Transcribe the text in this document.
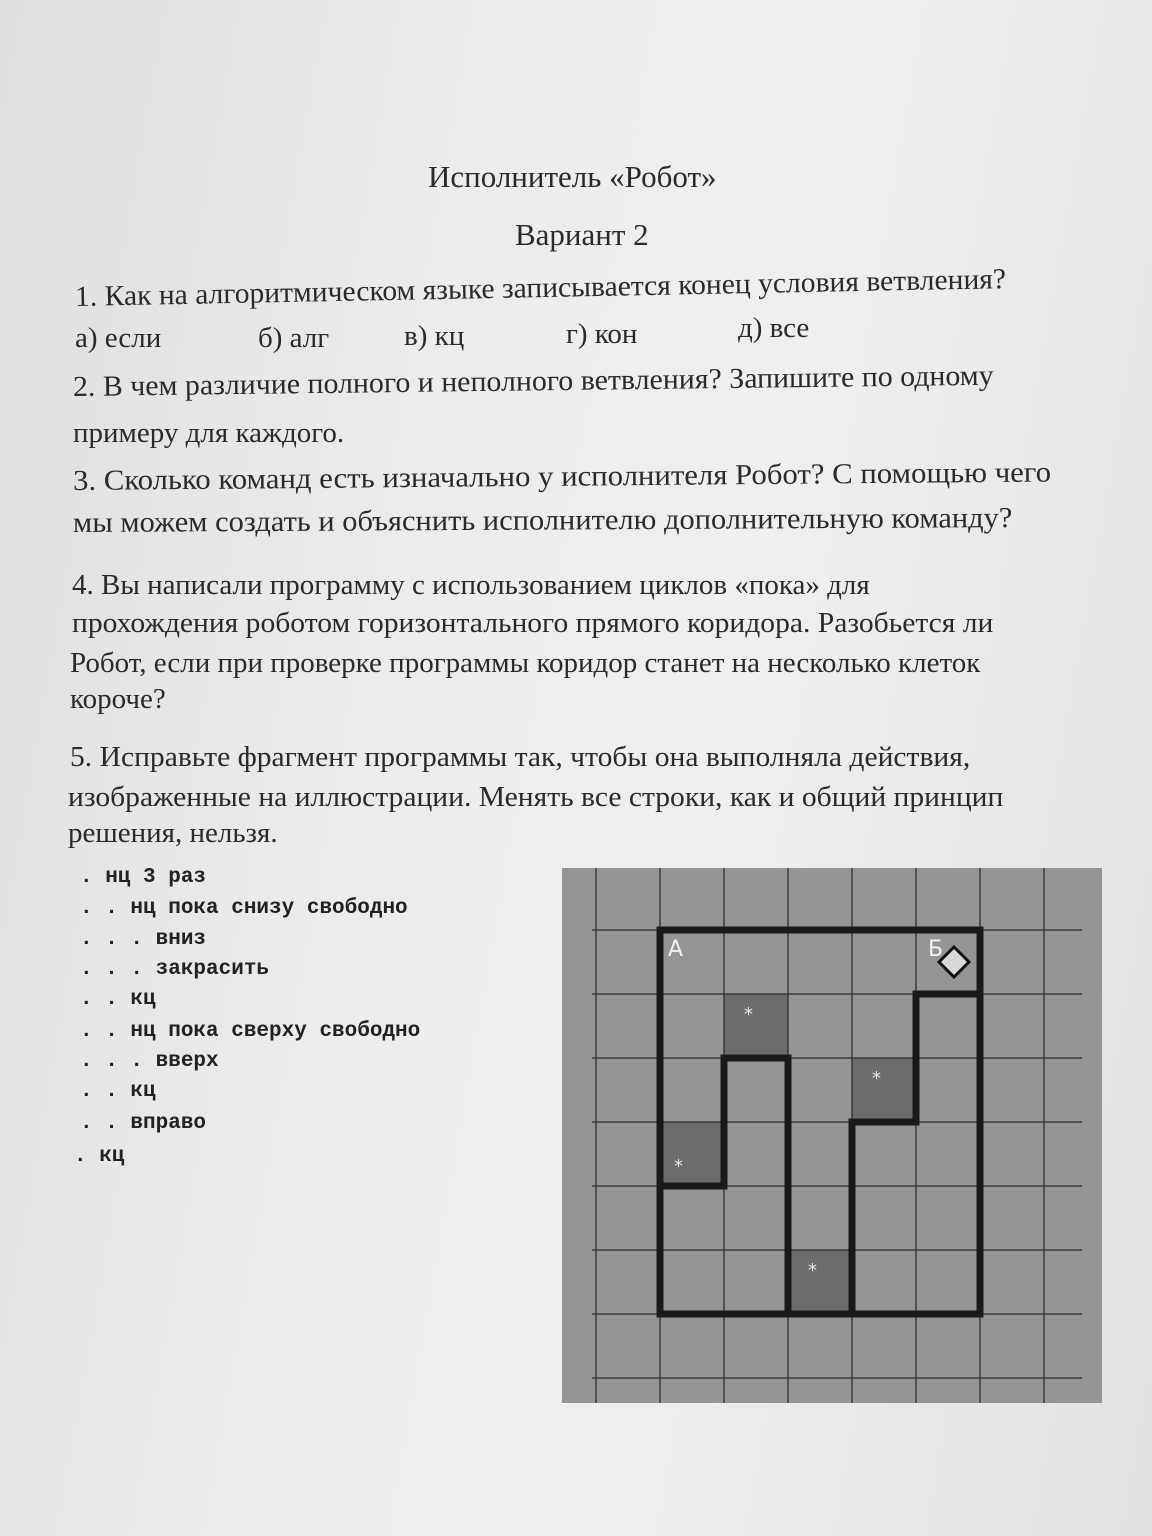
Исполнитель «Робот»
Вариант 2
1. Как на алгоритмическом языке записывается конец условия ветвления?
а) если	б) алг	в) кц	г) кон	д) все
2. В чем различие полного и неполного ветвления? Запишите по одному
примеру для каждого.
3. Сколько команд есть изначально у исполнителя Робот? С помощью чего
мы можем создать и объяснить исполнителю дополнительную команду?
4. Вы написали программу с использованием циклов «пока» для
прохождения роботом горизонтального прямого коридора. Разобьется ли
Робот, если при проверке программы коридор станет на несколько клеток
короче?
5. Исправьте фрагмент программы так, чтобы она выполняла действия,
изображенные на иллюстрации. Менять все строки, как и общий принцип
решения, нельзя.
. нц 3 раз
. . нц пока снизу свободно
. . . вниз
. . . закрасить
. . кц
. . нц пока сверху свободно
. . . вверх
. . кц
. . вправо
. кц
*
*
*
*
А	Б
